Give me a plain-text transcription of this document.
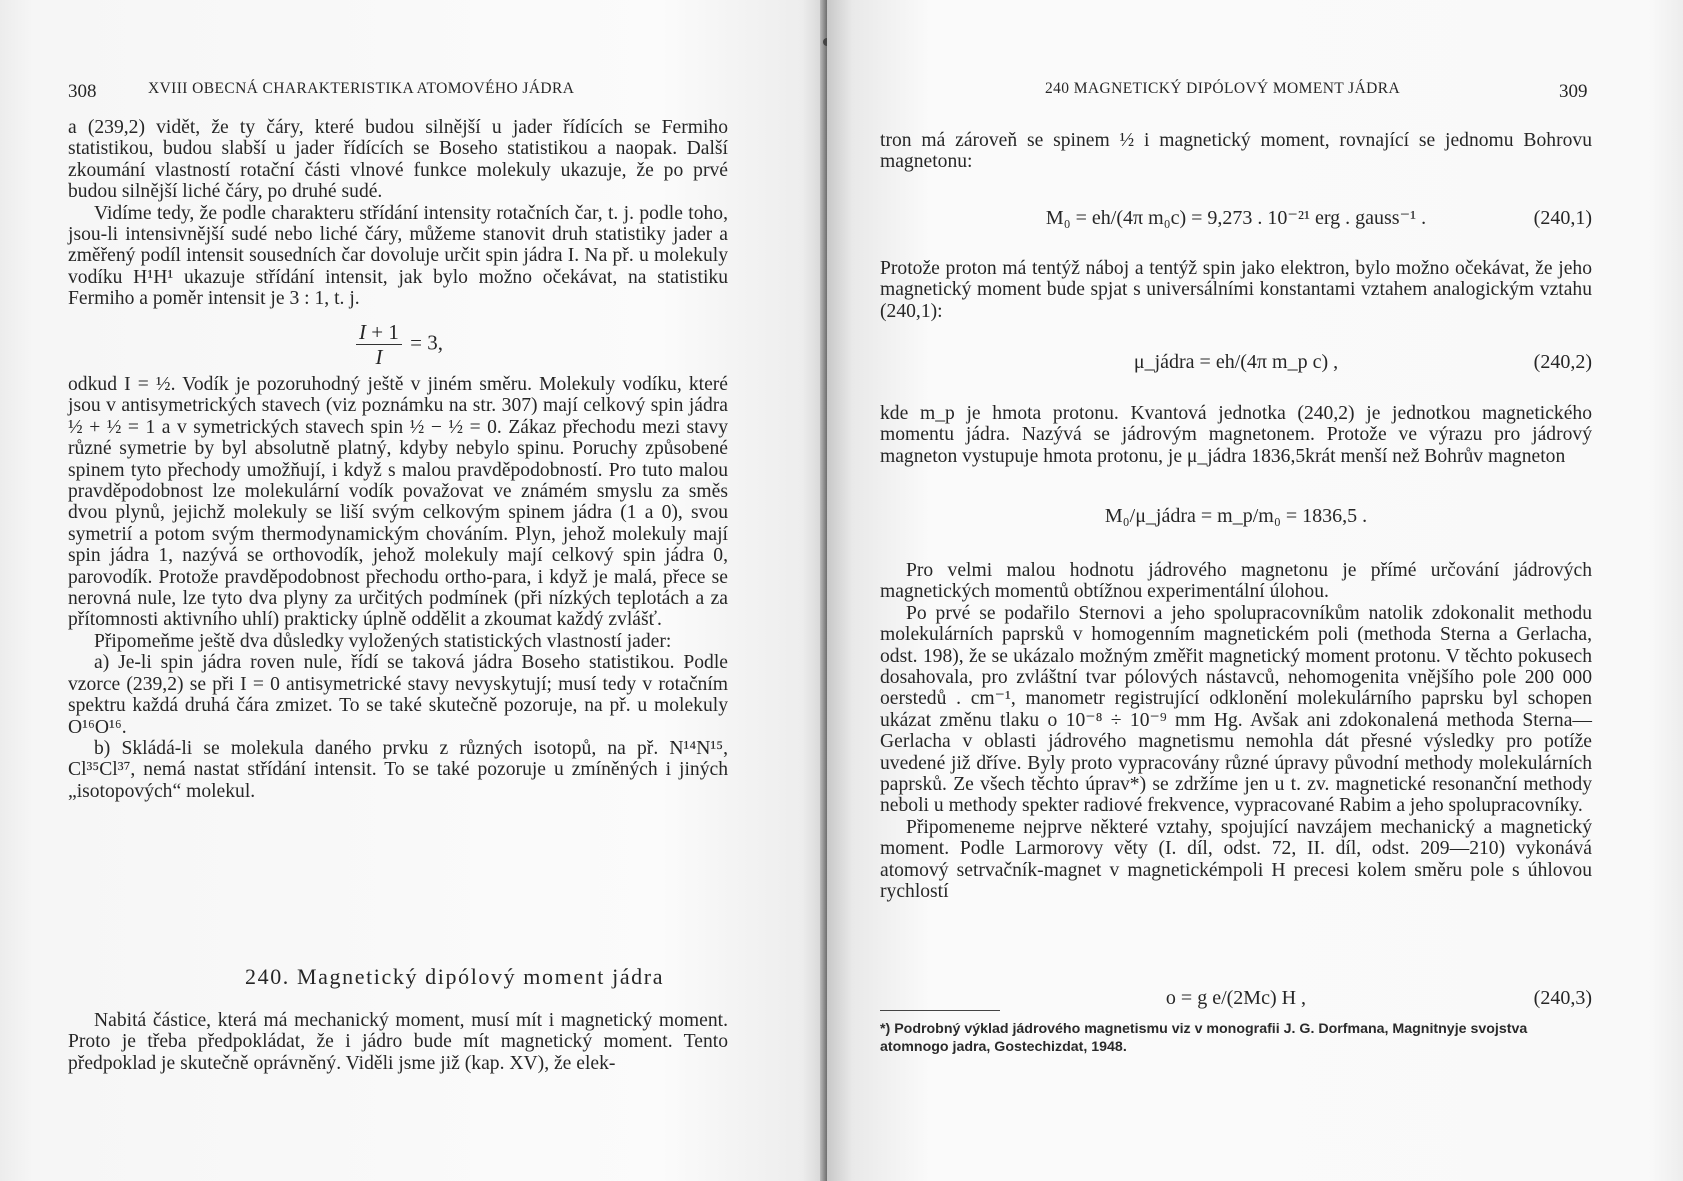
308	XVIII OBECNÁ CHARAKTERISTIKA ATOMOVÉHO JÁDRA

a (239,2) vidět, že ty čáry, které budou silnější u jader řídících se Fermiho statistikou, budou slabší u jader řídících se Boseho statistikou a naopak. Další zkoumání vlastností rotační části vlnové funkce molekuly ukazuje, že po prvé budou silnější liché čáry, po druhé sudé.

Vidíme tedy, že podle charakteru střídání intensity rotačních čar, t. j. podle toho, jsou-li intensivnější sudé nebo liché čáry, můžeme stanovit druh statistiky jader a změřený podíl intensit sousedních čar dovoluje určit spin jádra I. Na př. u molekuly vodíku H¹H¹ ukazuje střídání intensit, jak bylo možno očekávat, na statistiku Fermiho a poměr intensit je 3 : 1, t. j.

$\frac{I + 1}{I} = 3$,

odkud I = ½. Vodík je pozoruhodný ještě v jiném směru. Molekuly vodíku, které jsou v antisymetrických stavech (viz poznámku na str. 307) mají celkový spin jádra ½ + ½ = 1 a v symetrických stavech spin ½ − ½ = 0. Zákaz přechodu mezi stavy různé symetrie by byl absolutně platný, kdyby nebylo spinu. Poruchy způsobené spinem tyto přechody umožňují, i když s malou pravděpodobností. Pro tuto malou pravděpodobnost lze molekulární vodík považovat ve známém smyslu za směs dvou plynů, jejichž molekuly se liší svým celkovým spinem jádra (1 a 0), svou symetrií a potom svým thermodynamickým chováním. Plyn, jehož molekuly mají spin jádra 1, nazývá se orthovodík, jehož molekuly mají celkový spin jádra 0, parovodík. Protože pravděpodobnost přechodu ortho-para, i když je malá, přece se nerovná nule, lze tyto dva plyny za určitých podmínek (při nízkých teplotách a za přítomnosti aktivního uhlí) prakticky úplně oddělit a zkoumat každý zvlášť.

Připomeňme ještě dva důsledky vyložených statistických vlastností jader:

a) Je-li spin jádra roven nule, řídí se taková jádra Boseho statistikou. Podle vzorce (239,2) se při I = 0 antisymetrické stavy nevyskytují; musí tedy v rotačním spektru každá druhá čára zmizet. To se také skutečně pozoruje, na př. u molekuly O¹⁶O¹⁶.

b) Skládá-li se molekula daného prvku z různých isotopů, na př. N¹⁴N¹⁵, Cl³⁵Cl³⁷, nemá nastat střídání intensit. To se také pozoruje u zmíněných i jiných „isotopových“ molekul.

240. Magnetický dipólový moment jádra

Nabitá částice, která má mechanický moment, musí mít i magnetický moment. Proto je třeba předpokládat, že i jádro bude mít magnetický moment. Tento předpoklad je skutečně oprávněný. Viděli jsme již (kap. XV), že elek-

240 MAGNETICKÝ DIPÓLOVÝ MOMENT JÁDRA	309

tron má zároveň se spinem ½ i magnetický moment, rovnající se jednomu Bohrovu magnetonu:

M₀ = eh/(4π m₀c) = 9,273 . 10⁻²¹ erg . gauss⁻¹ .	(240,1)

Protože proton má tentýž náboj a tentýž spin jako elektron, bylo možno očekávat, že jeho magnetický moment bude spjat s universálními konstantami vztahem analogickým vztahu (240,1):

μ_jádra = eh/(4π m_p c) ,	(240,2)

kde m_p je hmota protonu. Kvantová jednotka (240,2) je jednotkou magnetického momentu jádra. Nazývá se jádrovým magnetonem. Protože ve výrazu pro jádrový magneton vystupuje hmota protonu, je μ_jádra 1836,5krát menší než Bohrův magneton

M₀/μ_jádra = m_p/m₀ = 1836,5 .

Pro velmi malou hodnotu jádrového magnetonu je přímé určování jádrových magnetických momentů obtížnou experimentální úlohou.

Po prvé se podařilo Sternovi a jeho spolupracovníkům natolik zdokonalit methodu molekulárních paprsků v homogenním magnetickém poli (methoda Sterna a Gerlacha, odst. 198), že se ukázalo možným změřit magnetický moment protonu. V těchto pokusech dosahovala, pro zvláštní tvar pólových nástavců, nehomogenita vnějšího pole 200 000 oerstedů . cm⁻¹, manometr registrující odklonění molekulárního paprsku byl schopen ukázat změnu tlaku o 10⁻⁸ ÷ 10⁻⁹ mm Hg. Avšak ani zdokonalená methoda Sterna—Gerlacha v oblasti jádrového magnetismu nemohla dát přesné výsledky pro potíže uvedené již dříve. Byly proto vypracovány různé úpravy původní methody molekulárních paprsků. Ze všech těchto úprav*) se zdržíme jen u t. zv. magnetické resonanční methody neboli u methody spekter radiové frekvence, vypracované Rabim a jeho spolupracovníky.

Připomeneme nejprve některé vztahy, spojující navzájem mechanický a magnetický moment. Podle Larmorovy věty (I. díl, odst. 72, II. díl, odst. 209—210) vykonává atomový setrvačník-magnet v magnetickémpoli H precesi kolem směru pole s úhlovou rychlostí

o = g e/(2Mc) H ,	(240,3)
*) Podrobný výklad jádrového magnetismu viz v monografii J. G. Dorfmana, Magnitnyje svojstva atomnogo jadra, Gostechizdat, 1948.
